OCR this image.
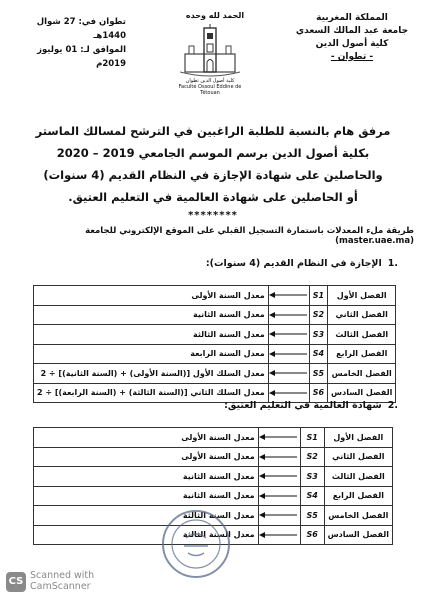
المملكة المغربية
جامعة عبد المالك السعدي
كلية أصول الدين
- تطوان -
الحمد لله وحده
كلية أصول الدين تطوان
Faculté Ossoul Eddine de Tétouan
تطوان في: 27 شوال 1440هـ
الموافق لـ: 01 يوليوز 2019م
مرفق هام بالنسبة للطلبة الراغبين في الترشح لمسالك الماستر
بكلية أصول الدين برسم الموسم الجامعي 2019 – 2020
والحاصلين على شهادة الإجازة في النظام القديم (4 سنوات)
أو الحاصلين على شهادة العالمية في التعليم العتيق.
********
طريقة ملء المعدلات باستمارة التسجيل القبلي على الموقع الإلكتروني للجامعة (master.uae.ma)
.1الإجازة في النظام القديم (4 سنوات):
الفصل الأول	S1		معدل السنة الأولى
الفصل الثاني	S2		معدل السنة الثانية
الفصل الثالث	S3		معدل السنة الثالثة
الفصل الرابع	S4		معدل السنة الرابعة
الفصل الخامس	S5		معدل السلك الأول [(السنة الأولى) + (السنة الثانية)] ÷ 2
الفصل السادس	S6		معدل السلك الثاني [(السنة الثالثة) + (السنة الرابعة)] ÷ 2
.2شهادة العالمية في التعليم العتيق:
الفصل الأول	S1		معدل السنة الأولى
الفصل الثاني	S2		معدل السنة الأولى
الفصل الثالث	S3		معدل السنة الثانية
الفصل الرابع	S4		معدل السنة الثانية
الفصل الخامس	S5		معدل السنة الثالثة
الفصل السادس	S6		معدل السنة الثالثة
CS
Scanned with
CamScanner
